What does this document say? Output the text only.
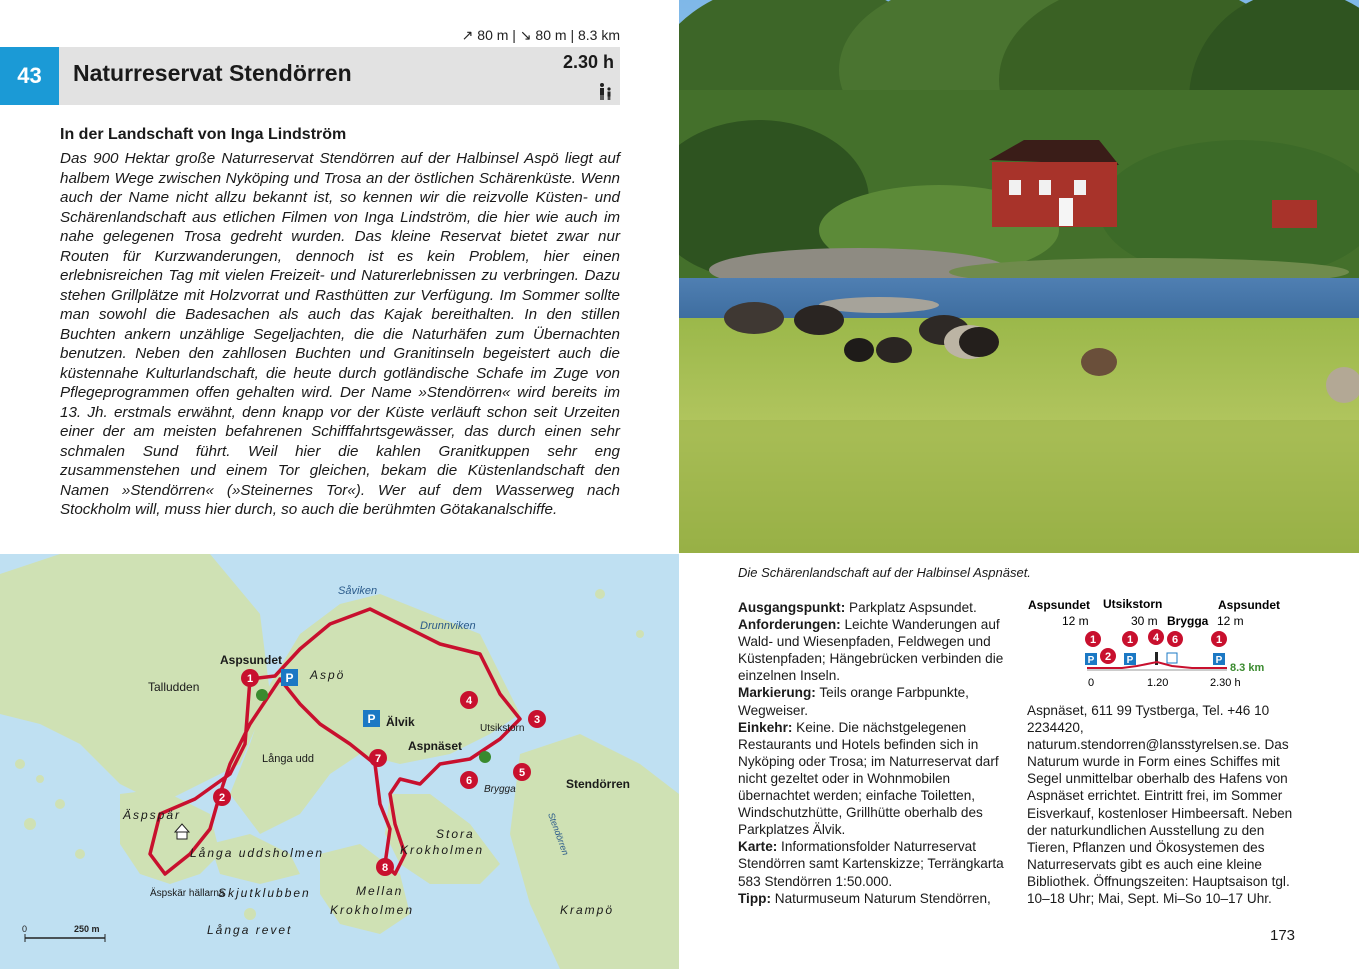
↗ 80 m | ↘ 80 m | 8.3 km
43	Naturreservat Stendörren	2.30 h
In der Landschaft von Inga Lindström
Das 900 Hektar große Naturreservat Stendörren auf der Halbinsel Aspö liegt auf halbem Wege zwischen Nyköping und Trosa an der östlichen Schärenküste. Wenn auch der Name nicht allzu bekannt ist, so kennen wir die reizvolle Küsten- und Schärenlandschaft aus etlichen Filmen von Inga Lindström, die hier wie auch im nahe gelegenen Trosa gedreht wurden. Das kleine Reservat bietet zwar nur Routen für Kurzwanderungen, dennoch ist es kein Problem, hier einen erlebnisreichen Tag mit vielen Freizeit- und Naturerlebnissen zu verbringen. Dazu stehen Grillplätze mit Holzvorrat und Rasthütten zur Verfügung. Im Sommer sollte man sowohl die Badesachen als auch das Kajak bereithalten. In den stillen Buchten ankern unzählige Segeljachten, die die Naturhäfen zum Übernachten benutzen. Neben den zahllosen Buchten und Granitinseln begeistert auch die küstennahe Kulturlandschaft, die heute durch gotländische Schafe im Zuge von Pflegeprogrammen offen gehalten wird. Der Name »Stendörren« wird bereits im 13. Jh. erstmals erwähnt, denn knapp vor der Küste verläuft schon seit Urzeiten einer der am meisten befahrenen Schifffahrtsgewässer, das durch einen sehr schmalen Sund führt. Weil hier die kahlen Granitkuppen sehr eng zusammenstehen und einem Tor gleichen, bekam die Küstenlandschaft den Namen »Stendörren« (»Steinernes Tor«). Wer auf dem Wasserweg nach Stockholm will, muss hier durch, so auch die berühmten Götakanalschiffe.
Die Schärenlandschaft auf der Halbinsel Aspnäset.
Ausgangspunkt: Parkplatz Aspsundet.
Anforderungen: Leichte Wanderungen auf Wald- und Wiesenpfaden, Feldwegen und Küstenpfaden; Hängebrücken verbinden die einzelnen Inseln.
Markierung: Teils orange Farbpunkte, Wegweiser.
Einkehr: Keine. Die nächstgelegenen Restaurants und Hotels befinden sich in Nyköping oder Trosa; im Naturreservat darf nicht gezeltet oder in Wohnmobilen übernachtet werden; einfache Toiletten, Windschutzhütte, Grillhütte oberhalb des Parkplatzes Älvik.
Karte: Informationsfolder Naturreservat Stendörren samt Kartenskizze; Terrängkarta 583 Stendörren 1:50.000.
Tipp: Naturmuseum Naturum Stendörren,
Aspsundet
12 m
Utsikstorn
30 m Brygga
Aspsundet
12 m
1
2
1 4 6	1
P	P	P
8.3 km
0	1.20	2.30 h
Aspnäset, 611 99 Tystberga, Tel. +46 10 2234420, naturum.stendorren@lansstyrelsen.se. Das Naturum wurde in Form eines Schiffes mit Segel unmittelbar oberhalb des Hafens von Aspnäset errichtet. Eintritt frei, im Sommer Eisverkauf, kostenloser Himbeersaft. Neben der naturkundlichen Ausstellung zu den Tieren, Pflanzen und Ökosystemen des Naturreservats gibt es auch eine kleine Bibliothek. Öffnungszeiten: Hauptsaison tgl. 10–18 Uhr; Mai, Sept. Mi–So 10–17 Uhr.
173
Såviken
Drunnviken
Stendörren
Aspsundet
Talludden
Aspö
Älvik	Utsikstorn
Aspnäset
Långa udd
Äspspär
Långa uddsholmen
Skjutklubben
Äspskär hällarna
Långa revet
Brygga	Stendörren
Stora
Krokholmen
Mellan
Krokholmen	Krampö
1
2
3
4
5
6
7
8
P
P
0	250 m
